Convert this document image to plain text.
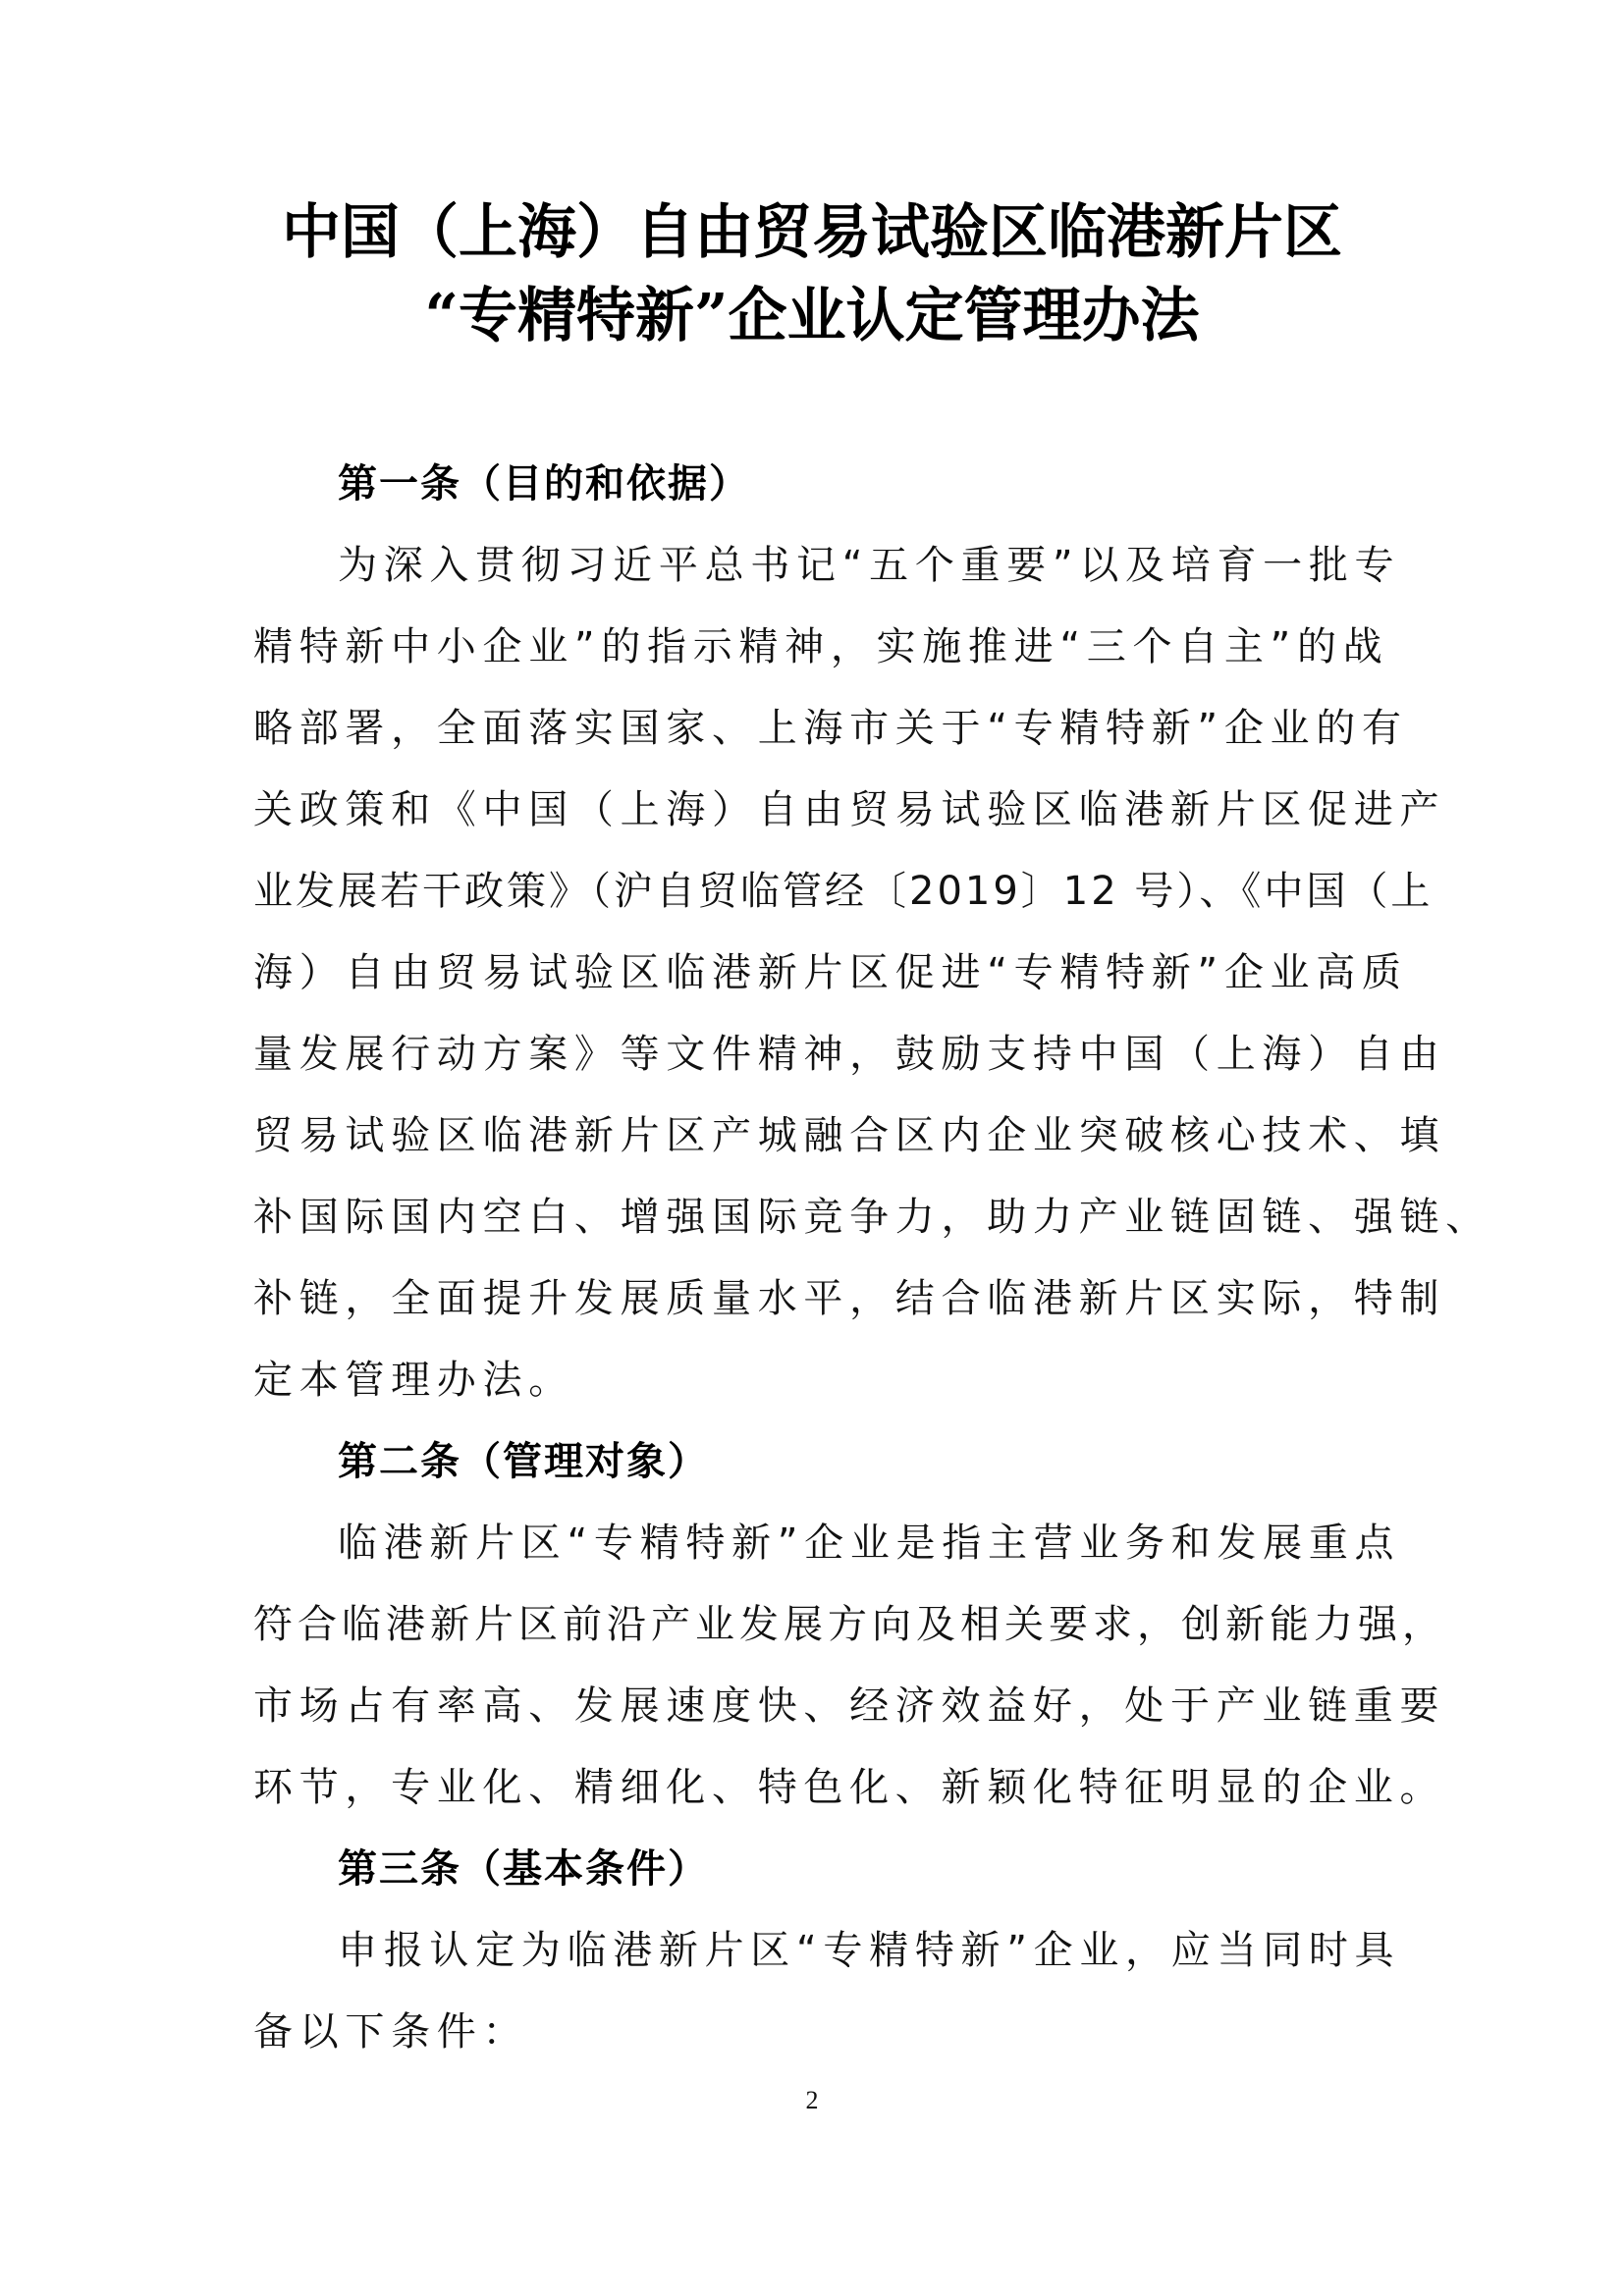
中国（上海）自由贸易试验区临港新片区
“专精特新”企业认定管理办法
第一条（目的和依据）
为深入贯彻习近平总书记“五个重要”以及培育一批专
精特新中小企业”的指示精神，实施推进“三个自主”的战
略部署，全面落实国家、上海市关于“专精特新”企业的有
关政策和《中国（上海）自由贸易试验区临港新片区促进产
业发展若干政策》（沪自贸临管经〔2019〕12 号）、《中国（上
海）自由贸易试验区临港新片区促进“专精特新”企业高质
量发展行动方案》等文件精神，鼓励支持中国（上海）自由
贸易试验区临港新片区产城融合区内企业突破核心技术、填
补国际国内空白、增强国际竞争力，助力产业链固链、强链、
补链，全面提升发展质量水平，结合临港新片区实际，特制
定本管理办法。
第二条（管理对象）
临港新片区“专精特新”企业是指主营业务和发展重点
符合临港新片区前沿产业发展方向及相关要求，创新能力强，
市场占有率高、发展速度快、经济效益好，处于产业链重要
环节，专业化、精细化、特色化、新颖化特征明显的企业。
第三条（基本条件）
申报认定为临港新片区“专精特新”企业，应当同时具
备以下条件：
2
